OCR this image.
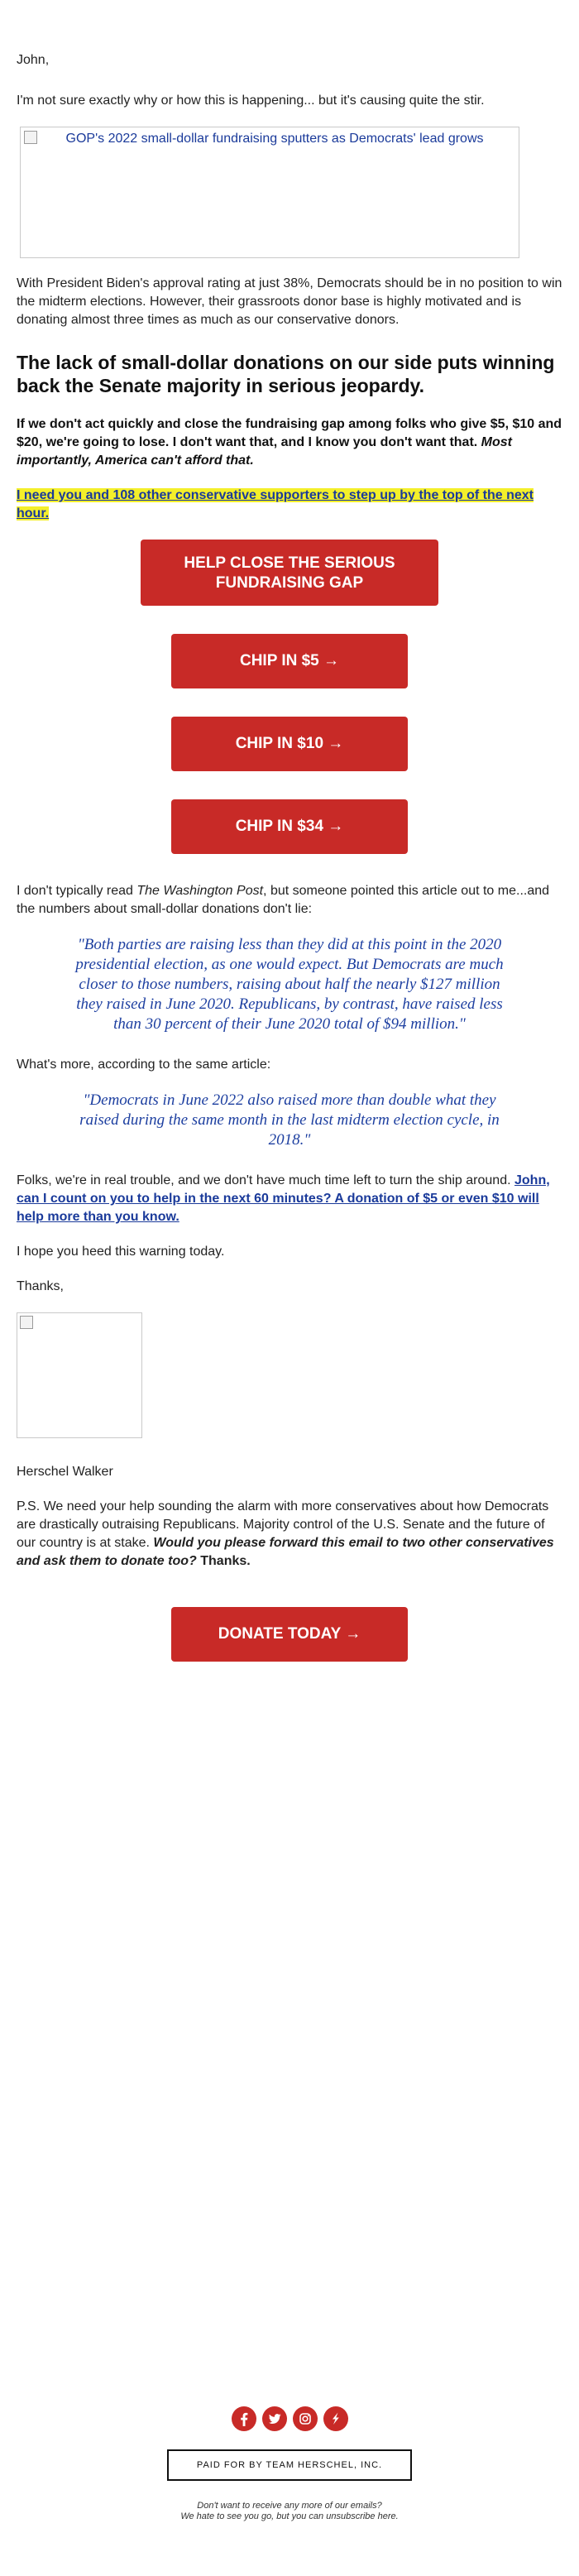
John,

I'm not sure exactly why or how this is happening... but it's causing quite the stir.

GOP's 2022 small-dollar fundraising sputters as Democrats' lead grows

With President Biden's approval rating at just 38%, Democrats should be in no position to win the midterm elections. However, their grassroots donor base is highly motivated and is donating almost three times as much as our conservative donors.

The lack of small-dollar donations on our side puts winning back the Senate majority in serious jeopardy.

If we don't act quickly and close the fundraising gap among folks who give $5, $10 and $20, we're going to lose. I don't want that, and I know you don't want that. Most importantly, America can't afford that.

I need you and 108 other conservative supporters to step up by the top of the next hour.

HELP CLOSE THE SERIOUS FUNDRAISING GAP
CHIP IN $5 →
CHIP IN $10 →
CHIP IN $34 →

I don't typically read The Washington Post, but someone pointed this article out to me...and the numbers about small-dollar donations don't lie:

"Both parties are raising less than they did at this point in the 2020 presidential election, as one would expect. But Democrats are much closer to those numbers, raising about half the nearly $127 million they raised in June 2020. Republicans, by contrast, have raised less than 30 percent of their June 2020 total of $94 million."

What's more, according to the same article:

"Democrats in June 2022 also raised more than double what they raised during the same month in the last midterm election cycle, in 2018."

Folks, we're in real trouble, and we don't have much time left to turn the ship around. John, can I count on you to help in the next 60 minutes? A donation of $5 or even $10 will help more than you know.

I hope you heed this warning today.

Thanks,

Herschel Walker

P.S. We need your help sounding the alarm with more conservatives about how Democrats are drastically outraising Republicans. Majority control of the U.S. Senate and the future of our country is at stake. Would you please forward this email to two other conservatives and ask them to donate too? Thanks.

DONATE TODAY →
PAID FOR BY TEAM HERSCHEL, INC.
Don't want to receive any more of our emails?
We hate to see you go, but you can unsubscribe here.
